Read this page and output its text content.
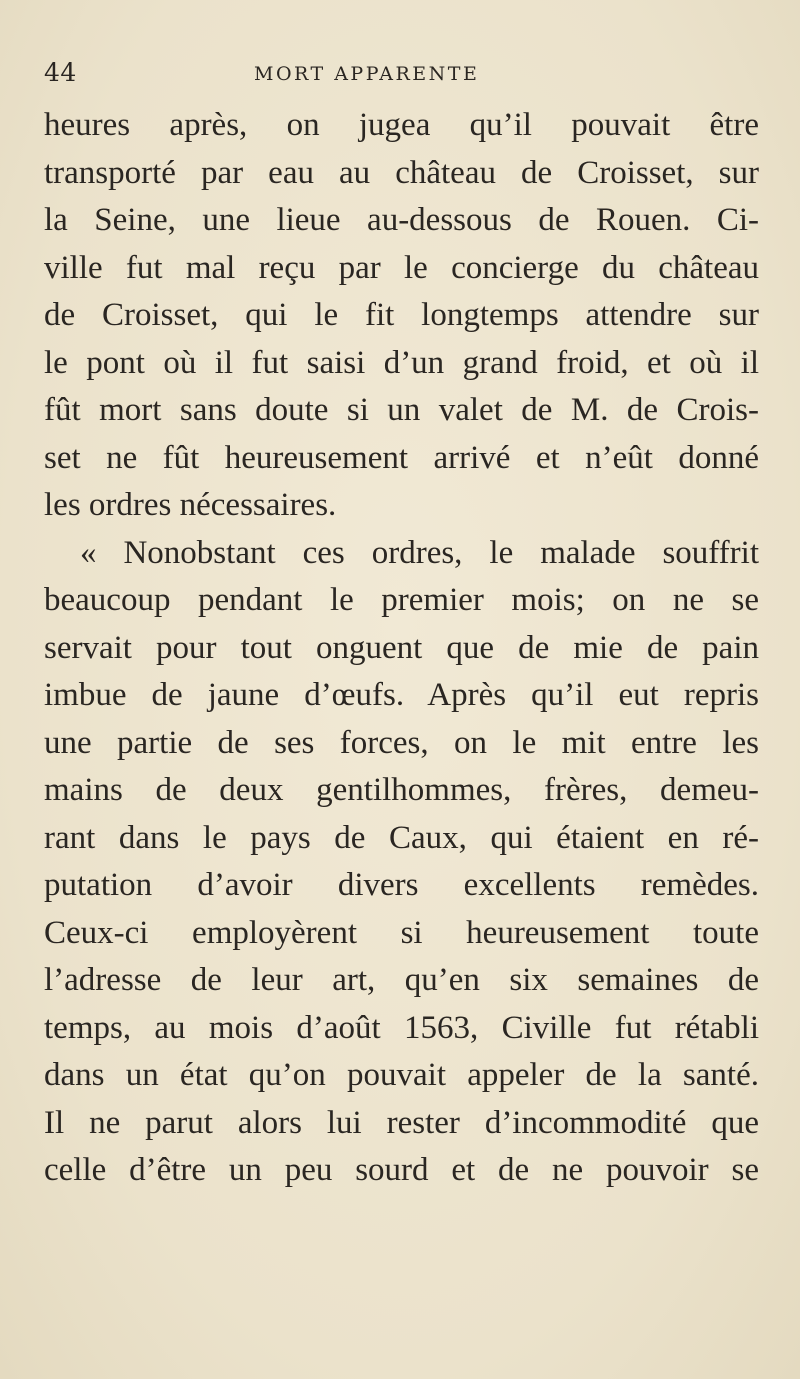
44	MORT APPARENTE
heures après, on jugea qu’il pouvait être
transporté par eau au château de Croisset, sur
la Seine, une lieue au-dessous de Rouen. Ci-
ville fut mal reçu par le concierge du château
de Croisset, qui le fit longtemps attendre sur
le pont où il fut saisi d’un grand froid, et où il
fût mort sans doute si un valet de M. de Crois-
set ne fût heureusement arrivé et n’eût donné
les ordres nécessaires.
« Nonobstant ces ordres, le malade souffrit
beaucoup pendant le premier mois; on ne se
servait pour tout onguent que de mie de pain
imbue de jaune d’œufs. Après qu’il eut repris
une partie de ses forces, on le mit entre les
mains de deux gentilhommes, frères, demeu-
rant dans le pays de Caux, qui étaient en ré-
putation d’avoir divers excellents remèdes.
Ceux-ci employèrent si heureusement toute
l’adresse de leur art, qu’en six semaines de
temps, au mois d’août 1563, Civille fut rétabli
dans un état qu’on pouvait appeler de la santé.
Il ne parut alors lui rester d’incommodité que
celle d’être un peu sourd et de ne pouvoir se
